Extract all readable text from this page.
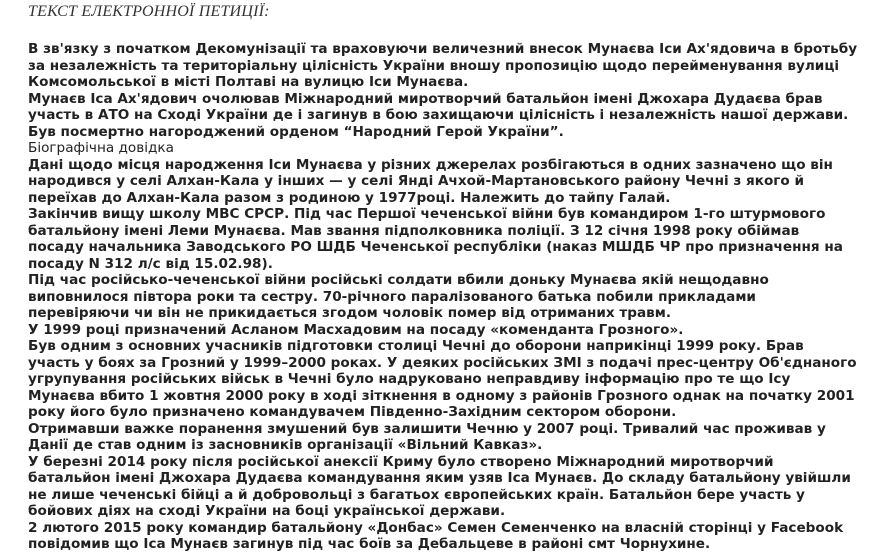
ТЕКСТ ЕЛЕКТРОННОЇ ПЕТИЦІЇ:

В зв'язку з початком Декомунізації та враховуючи величезний внесок Мунаєва Іси Ах'ядовича в бротьбу за незалежність та територіальну цілісність України вношу пропозицію щодо перейменування вулиці Комсомольської в місті Полтаві на вулицю Іси Мунаєва.

Мунаєв Іса Ах'ядович очолював Міжнародний миротворчий батальйон імені Джохара Дудаєва брав участь в АТО на Сході України де і загинув в бою захищаючи цілісність і незалежність нашої держави. Був посмертно нагороджений орденом “Народний Герой України”.

Біографічна довідка

Дані щодо місця народження Іси Мунаєва у різних джерелах розбігаються в одних зазначено що він народився у селі Алхан-Кала у інших — у селі Янді Ачхой-Мартановського району Чечні з якого й переїхав до Алхан-Кала разом з родиною у 1977році. Належить до тайпу Галай.

Закінчив вищу школу МВС СРСР. Під час Першої чеченської війни був командиром 1-го штурмового батальйону імені Леми Мунаєва. Мав звання підполковника поліції. З 12 січня 1998 року обіймав посаду начальника Заводського РО ШДБ Чеченської республіки (наказ МШДБ ЧР про призначення на посаду N 312 л/с від 15.02.98).

Під час російсько-чеченської війни російські солдати вбили доньку Мунаєва якій нещодавно виповнилося півтора роки та сестру. 70-річного паралізованого батька побили прикладами перевіряючи чи він не прикидається згодом чоловік помер від отриманих травм.

У 1999 році призначений Асланом Масхадовим на посаду «коменданта Грозного».

Був одним з основних учасників підготовки столиці Чечні до оборони наприкінці 1999 року. Брав участь у боях за Грозний у 1999–2000 роках. У деяких російських ЗМІ з подачі прес-центру Об'єднаного угрупування російських військ в Чечні було надруковано неправдиву інформацію про те що Ісу Мунаєва вбито 1 жовтня 2000 року в ході зіткнення в одному з районів Грозного однак на початку 2001 року його було призначено командувачем Південно-Західним сектором оборони.

Отримавши важке поранення змушений був залишити Чечню у 2007 році. Тривалий час проживав у Данії де став одним із засновників організації «Вільний Кавказ».

У березні 2014 року після російської анексії Криму було створено Міжнародний миротворчий батальйон імені Джохара Дудаєва командування яким узяв Іса Мунаєв. До складу батальйону увійшли не лише чеченські бійці а й добровольці з багатьох європейських країн. Батальйон бере участь у бойових діях на сході України на боці української держави.

2 лютого 2015 року командир батальйону «Донбас» Семен Семенченко на власній сторінці у Facebook повідомив що Іса Мунаєв загинув під час боїв за Дебальцеве в районі смт Чорнухине.
